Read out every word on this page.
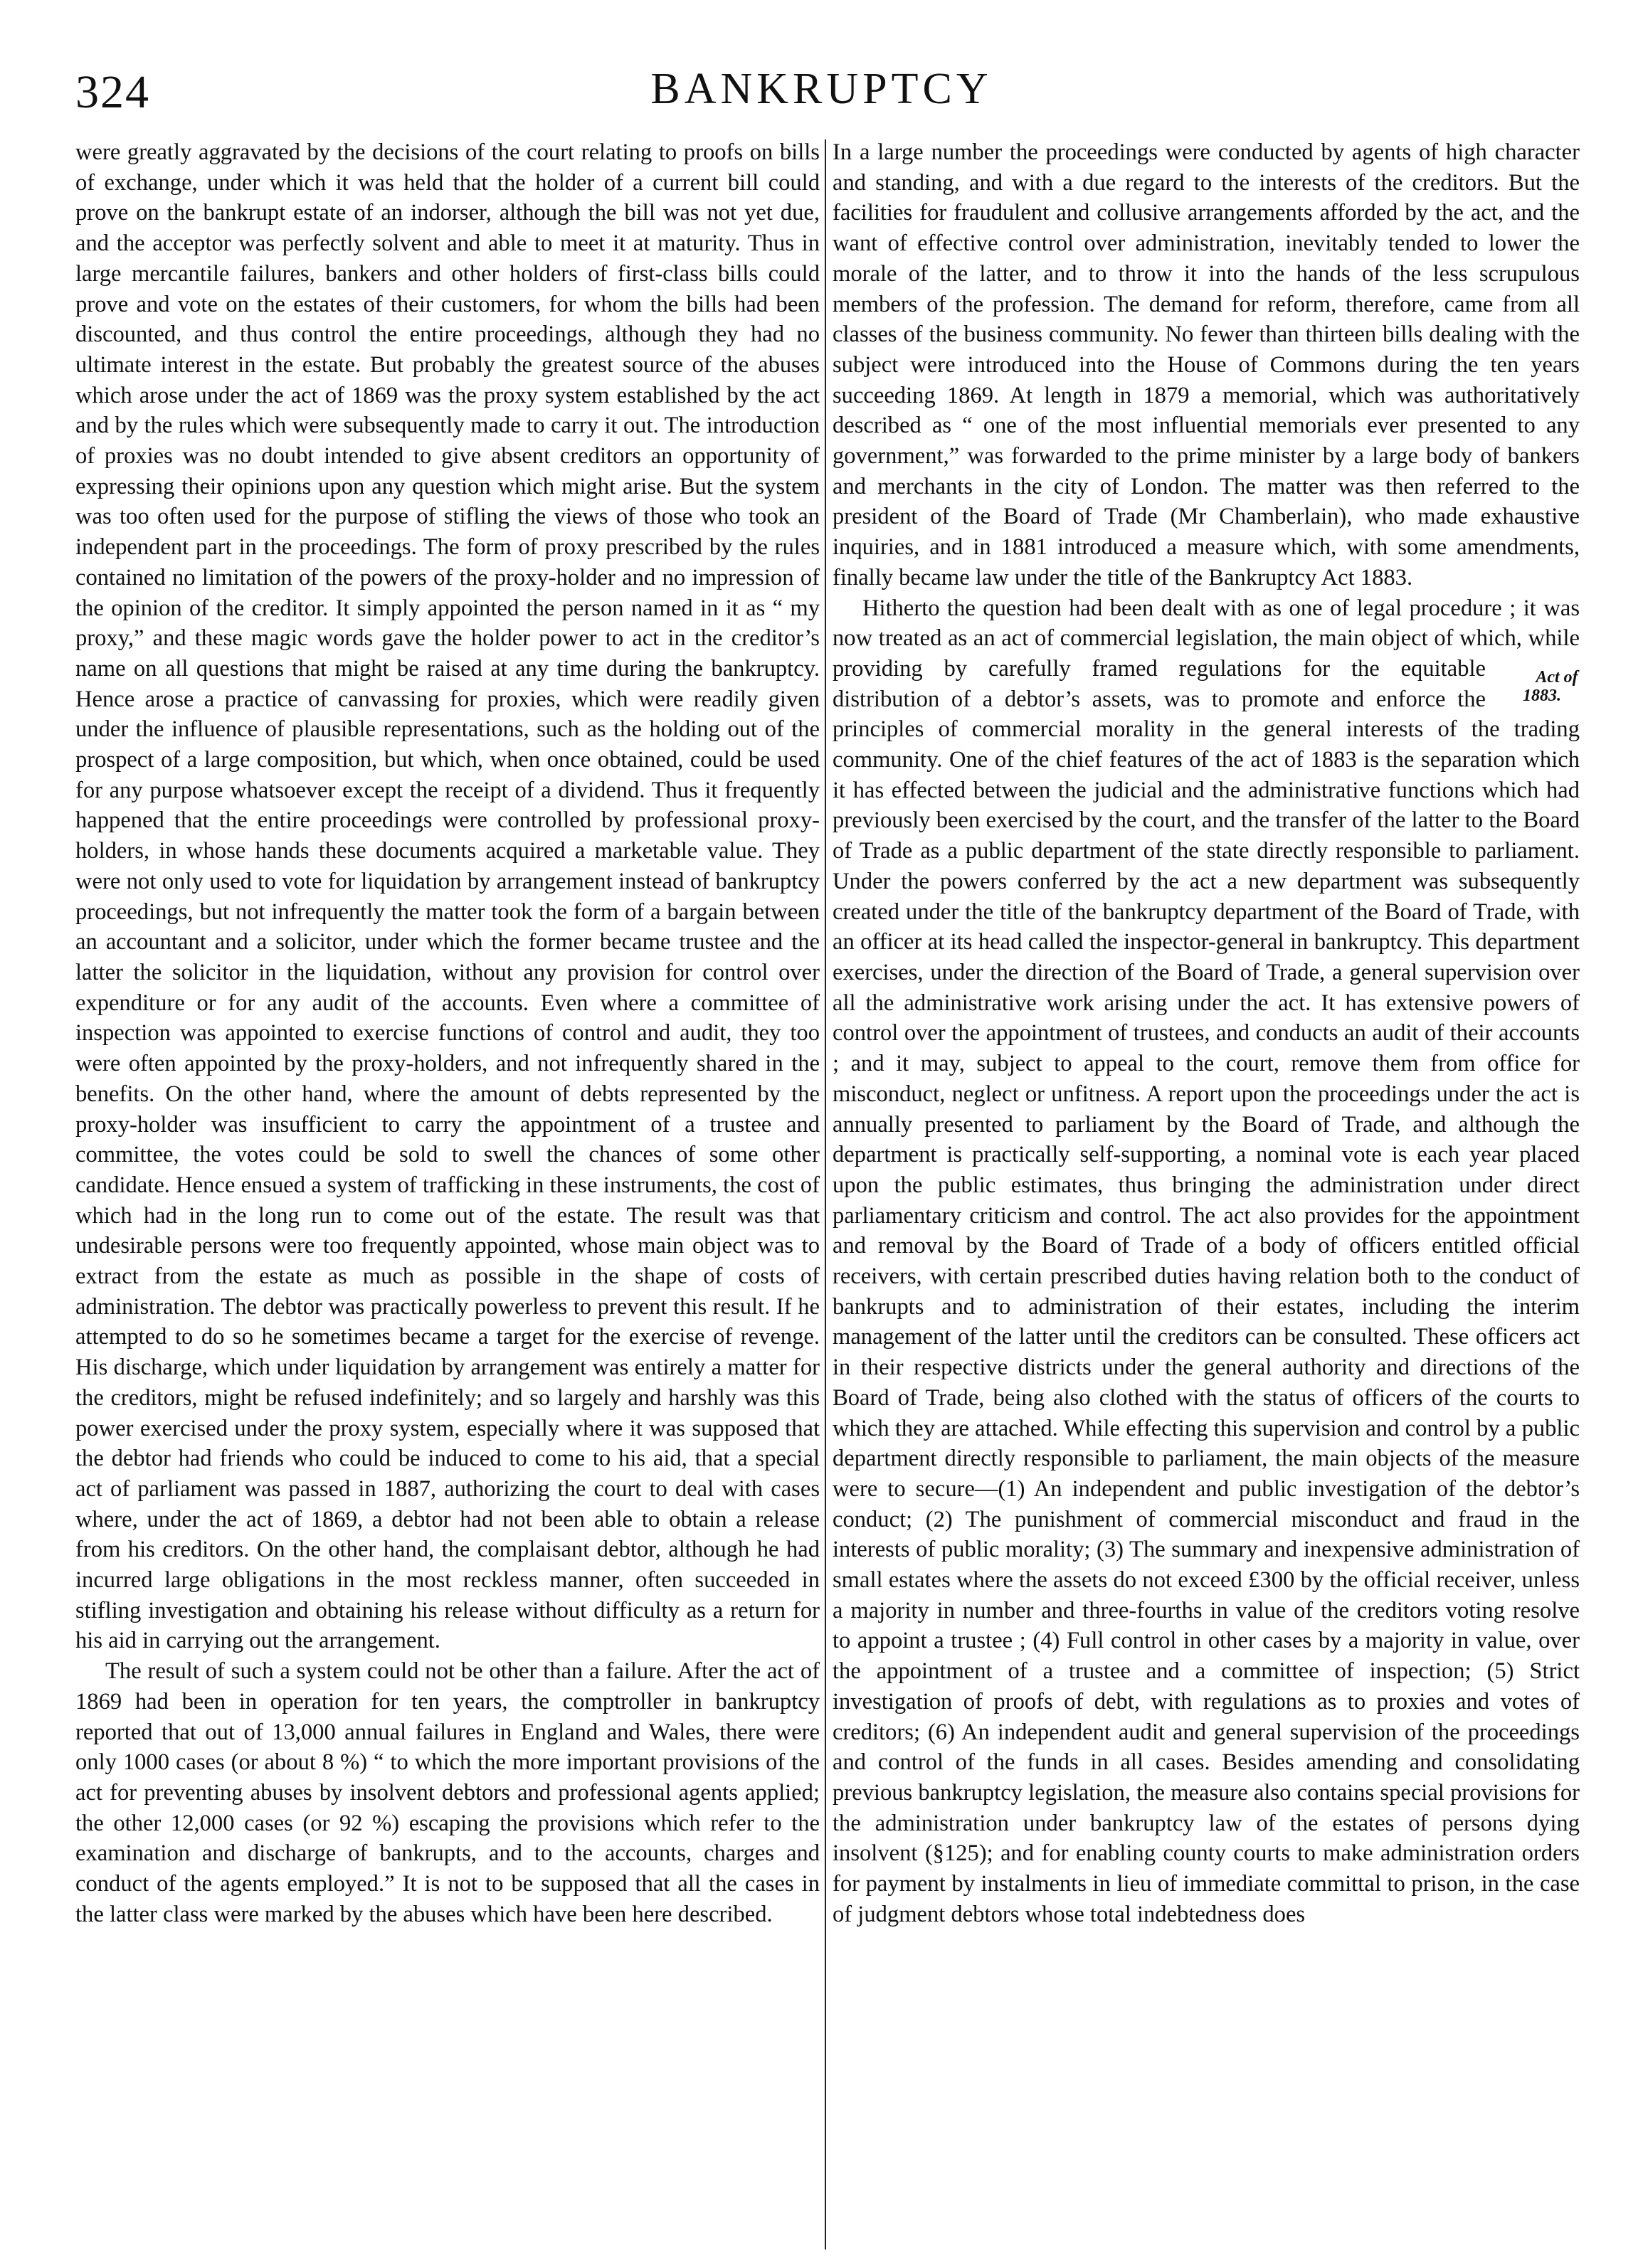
324	BANKRUPTCY

were greatly aggravated by the decisions of the court relating to proofs on bills of exchange, under which it was held that the holder of a current bill could prove on the bankrupt estate of an indorser, although the bill was not yet due, and the acceptor was perfectly solvent and able to meet it at maturity. Thus in large mercantile failures, bankers and other holders of first-class bills could prove and vote on the estates of their customers, for whom the bills had been discounted, and thus control the entire proceedings, although they had no ultimate interest in the estate. But probably the greatest source of the abuses which arose under the act of 1869 was the proxy system established by the act and by the rules which were subsequently made to carry it out. The introduction of proxies was no doubt intended to give absent creditors an opportunity of expressing their opinions upon any question which might arise. But the system was too often used for the purpose of stifling the views of those who took an independent part in the proceedings. The form of proxy prescribed by the rules contained no limitation of the powers of the proxy-holder and no impression of the opinion of the creditor. It simply appointed the person named in it as “ my proxy,” and these magic words gave the holder power to act in the creditor’s name on all questions that might be raised at any time during the bankruptcy. Hence arose a practice of canvassing for proxies, which were readily given under the influence of plausible representations, such as the holding out of the prospect of a large composition, but which, when once obtained, could be used for any purpose whatsoever except the receipt of a dividend. Thus it frequently happened that the entire proceedings were controlled by professional proxy-holders, in whose hands these documents acquired a marketable value. They were not only used to vote for liquidation by arrangement instead of bankruptcy proceedings, but not infrequently the matter took the form of a bargain between an accountant and a solicitor, under which the former became trustee and the latter the solicitor in the liquidation, without any provision for control over expenditure or for any audit of the accounts. Even where a committee of inspection was appointed to exercise functions of control and audit, they too were often appointed by the proxy-holders, and not infrequently shared in the benefits. On the other hand, where the amount of debts represented by the proxy-holder was insufficient to carry the appointment of a trustee and committee, the votes could be sold to swell the chances of some other candidate. Hence ensued a system of trafficking in these instruments, the cost of which had in the long run to come out of the estate. The result was that undesirable persons were too frequently appointed, whose main object was to extract from the estate as much as possible in the shape of costs of administration. The debtor was practically powerless to prevent this result. If he attempted to do so he sometimes became a target for the exercise of revenge. His discharge, which under liquidation by arrangement was entirely a matter for the creditors, might be refused indefinitely; and so largely and harshly was this power exercised under the proxy system, especially where it was supposed that the debtor had friends who could be induced to come to his aid, that a special act of parliament was passed in 1887, authorizing the court to deal with cases where, under the act of 1869, a debtor had not been able to obtain a release from his creditors. On the other hand, the complaisant debtor, although he had incurred large obligations in the most reckless manner, often succeeded in stifling investigation and obtaining his release without difficulty as a return for his aid in carrying out the arrangement.

The result of such a system could not be other than a failure. After the act of 1869 had been in operation for ten years, the comptroller in bankruptcy reported that out of 13,000 annual failures in England and Wales, there were only 1000 cases (or about 8 %) “ to which the more important provisions of the act for preventing abuses by insolvent debtors and professional agents applied; the other 12,000 cases (or 92 %) escaping the provisions which refer to the examination and discharge of bankrupts, and to the accounts, charges and conduct of the agents employed.” It is not to be supposed that all the cases in the latter class were marked by the abuses which have been here described.

In a large number the proceedings were conducted by agents of high character and standing, and with a due regard to the interests of the creditors. But the facilities for fraudulent and collusive arrangements afforded by the act, and the want of effective control over administration, inevitably tended to lower the morale of the latter, and to throw it into the hands of the less scrupulous members of the profession. The demand for reform, therefore, came from all classes of the business community. No fewer than thirteen bills dealing with the subject were introduced into the House of Commons during the ten years succeeding 1869. At length in 1879 a memorial, which was authoritatively described as “ one of the most influential memorials ever presented to any government,” was forwarded to the prime minister by a large body of bankers and merchants in the city of London. The matter was then referred to the president of the Board of Trade (Mr Chamberlain), who made exhaustive inquiries, and in 1881 introduced a measure which, with some amendments, finally became law under the title of the Bankruptcy Act 1883.

Hitherto the question had been dealt with as one of legal procedure ; it was now treated as an act of commercial legislation, the main object of which, while providing by carefully	Act of 1883.
framed regulations for the equitable distribution of a debtor’s assets, was to promote and enforce the principles of commercial morality in the general interests of the trading community. One of the chief features of the act of 1883 is the separation which it has effected between the judicial and the administrative functions which had previously been exercised by the court, and the transfer of the latter to the Board of Trade as a public department of the state directly responsible to parliament. Under the powers conferred by the act a new department was subsequently created under the title of the bankruptcy department of the Board of Trade, with an officer at its head called the inspector-general in bankruptcy. This department exercises, under the direction of the Board of Trade, a general supervision over all the administrative work arising under the act. It has extensive powers of control over the appointment of trustees, and conducts an audit of their accounts ; and it may, subject to appeal to the court, remove them from office for misconduct, neglect or unfitness. A report upon the proceedings under the act is annually presented to parliament by the Board of Trade, and although the department is practically self-supporting, a nominal vote is each year placed upon the public estimates, thus bringing the administration under direct parliamentary criticism and control. The act also provides for the appointment and removal by the Board of Trade of a body of officers entitled official receivers, with certain prescribed duties having relation both to the conduct of bankrupts and to administration of their estates, including the interim management of the latter until the creditors can be consulted. These officers act in their respective districts under the general authority and directions of the Board of Trade, being also clothed with the status of officers of the courts to which they are attached. While effecting this supervision and control by a public department directly responsible to parliament, the main objects of the measure were to secure—(1) An independent and public investigation of the debtor’s conduct; (2) The punishment of commercial misconduct and fraud in the interests of public morality; (3) The summary and inexpensive administration of small estates where the assets do not exceed £300 by the official receiver, unless a majority in number and three-fourths in value of the creditors voting resolve to appoint a trustee ; (4) Full control in other cases by a majority in value, over the appointment of a trustee and a committee of inspection; (5) Strict investigation of proofs of debt, with regulations as to proxies and votes of creditors; (6) An independent audit and general supervision of the proceedings and control of the funds in all cases. Besides amending and consolidating previous bankruptcy legislation, the measure also contains special provisions for the administration under bankruptcy law of the estates of persons dying insolvent (§125); and for enabling county courts to make administration orders for payment by instalments in lieu of immediate committal to prison, in the case of judgment debtors whose total indebtedness does
